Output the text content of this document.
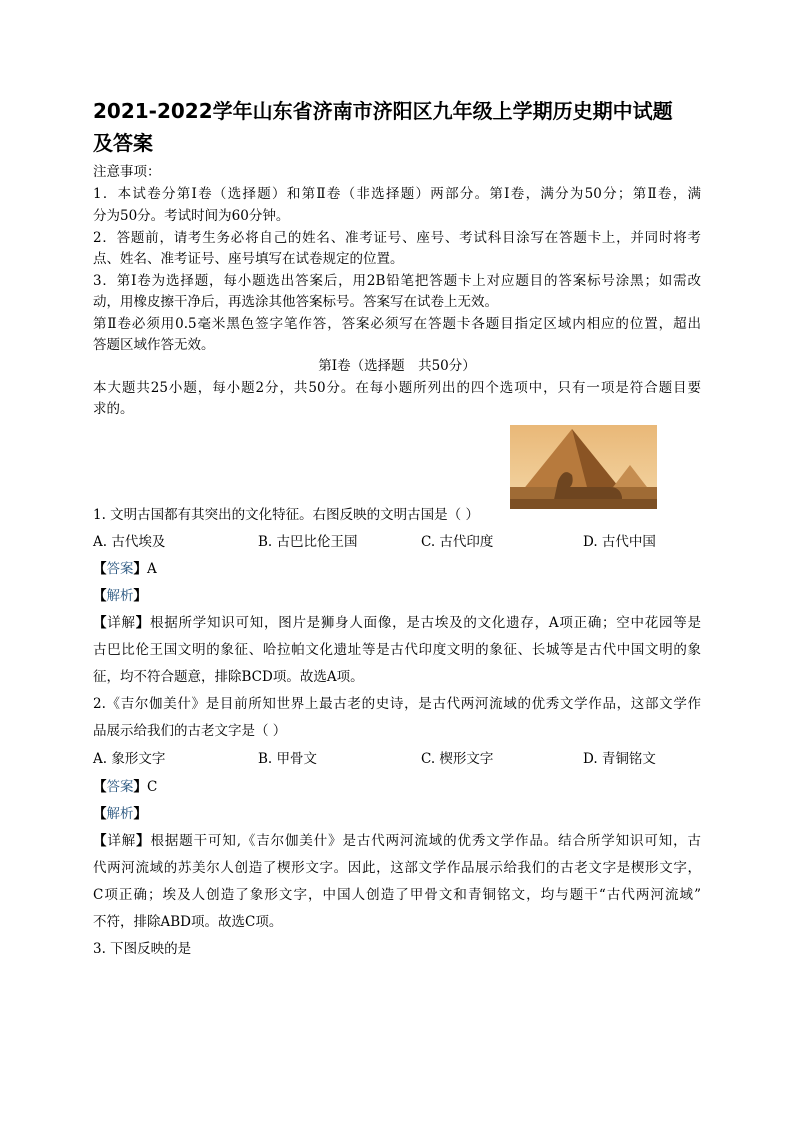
2021-2022学年山东省济南市济阳区九年级上学期历史期中试题
及答案
注意事项：
1．本试卷分第Ⅰ卷（选择题）和第Ⅱ卷（非选择题）两部分。第Ⅰ卷，满分为50分；第Ⅱ卷，满
分为50分。考试时间为60分钟。
2．答题前，请考生务必将自己的姓名、准考证号、座号、考试科目涂写在答题卡上，并同时将考
点、姓名、准考证号、座号填写在试卷规定的位置。
3．第Ⅰ卷为选择题，每小题选出答案后，用2B铅笔把答题卡上对应题目的答案标号涂黑；如需改
动，用橡皮擦干净后，再选涂其他答案标号。答案写在试卷上无效。
第Ⅱ卷必须用0.5毫米黑色签字笔作答，答案必须写在答题卡各题目指定区域内相应的位置，超出
答题区域作答无效。
第Ⅰ卷（选择题　共50分）
本大题共25小题，每小题2分，共50分。在每小题所列出的四个选项中，只有一项是符合题目要
求的。
1. 文明古国都有其突出的文化特征。右图反映的文明古国是（ ）
A. 古代埃及	B. 古巴比伦王国	C. 古代印度	D. 古代中国
【答案】A
【解析】
【详解】根据所学知识可知，图片是狮身人面像，是古埃及的文化遗存，A项正确；空中花园等是
古巴比伦王国文明的象征、哈拉帕文化遗址等是古代印度文明的象征、长城等是古代中国文明的象
征，均不符合题意，排除BCD项。故选A项。
2.《吉尔伽美什》是目前所知世界上最古老的史诗，是古代两河流域的优秀文学作品，这部文学作
品展示给我们的古老文字是（ ）
A. 象形文字	B. 甲骨文	C. 楔形文字	D. 青铜铭文
【答案】C
【解析】
【详解】根据题干可知,《吉尔伽美什》是古代两河流域的优秀文学作品。结合所学知识可知，古
代两河流域的苏美尔人创造了楔形文字。因此，这部文学作品展示给我们的古老文字是楔形文字，
C项正确；埃及人创造了象形文字，中国人创造了甲骨文和青铜铭文，均与题干“古代两河流域”
不符，排除ABD项。故选C项。
3. 下图反映的是
